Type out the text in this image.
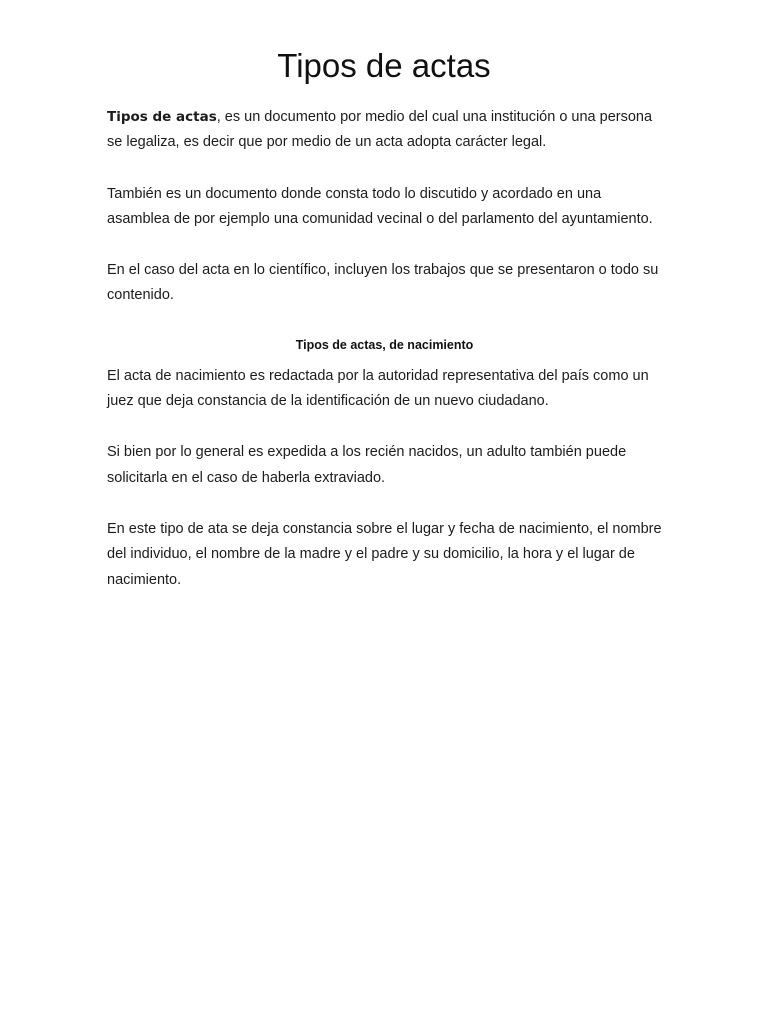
Tipos de actas

Tipos de actas, es un documento por medio del cual una institución o una persona se legaliza, es decir que por medio de un acta adopta carácter legal.

También es un documento donde consta todo lo discutido y acordado en una asamblea de por ejemplo una comunidad vecinal o del parlamento del ayuntamiento.

En el caso del acta en lo científico, incluyen los trabajos que se presentaron o todo su contenido.

Tipos de actas, de nacimiento

El acta de nacimiento es redactada por la autoridad representativa del país como un juez que deja constancia de la identificación de un nuevo ciudadano.

Si bien por lo general es expedida a los recién nacidos, un adulto también puede solicitarla en el caso de haberla extraviado.

En este tipo de ata se deja constancia sobre el lugar y fecha de nacimiento, el nombre del individuo, el nombre de la madre y el padre y su domicilio, la hora y el lugar de nacimiento.
